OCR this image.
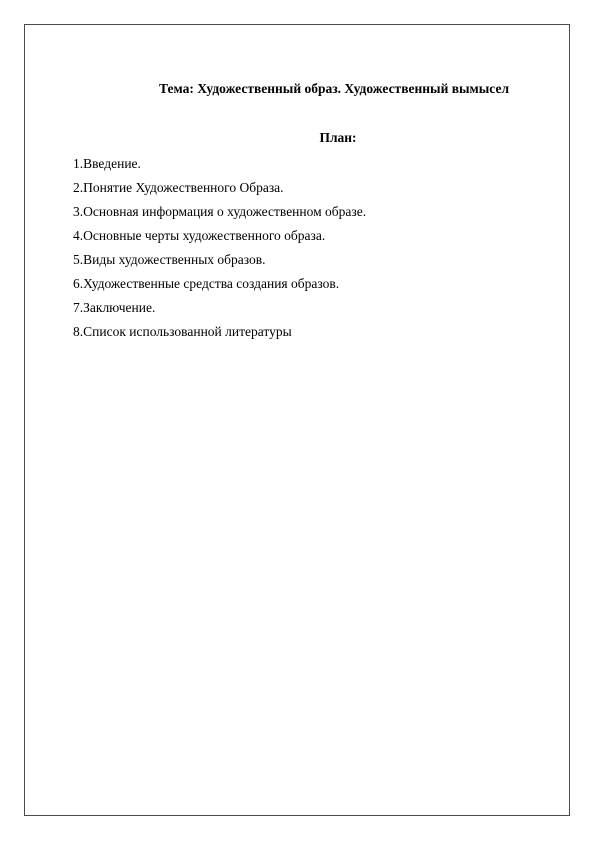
Тема: Художественный образ. Художественный вымысел
План:
1.Введение.
2.Понятие Художественного Образа.
3.Основная информация о художественном образе.
4.Основные черты художественного образа.
5.Виды художественных образов.
6.Художественные средства создания образов.
7.Заключение.
8.Список использованной литературы
